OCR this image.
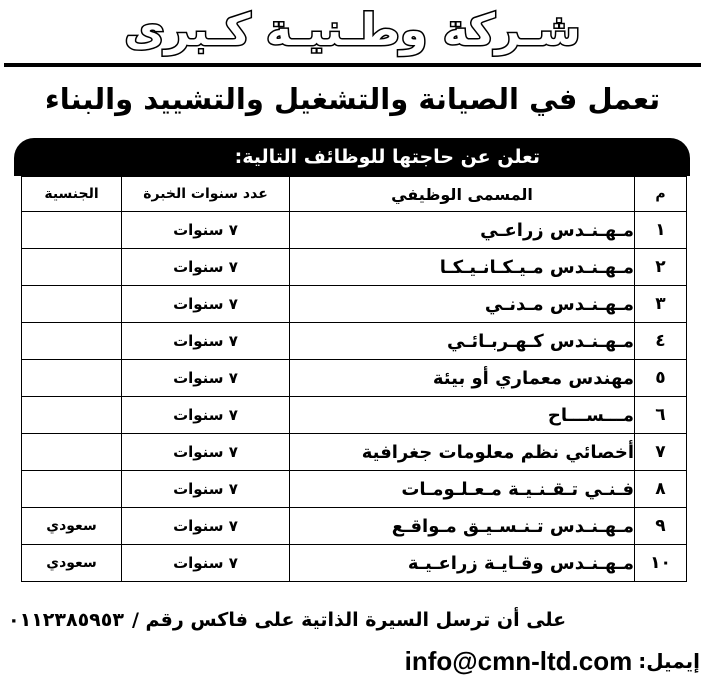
شـركة وطـنيـة كـبرى
تعمل في الصيانة والتشغيل والتشييد والبناء
تعلن عن حاجتها للوظائف التالية:
م	المسمى الوظيفي	عدد سنوات الخبرة	الجنسية
١	مـهـنـدس زراعـي	٧ سنوات	
٢	مـهـنـدس مـيـكـانـيـكـا	٧ سنوات	
٣	مـهـنـدس مـدنـي	٧ سنوات	
٤	مـهـنـدس كـهـربـائـي	٧ سنوات	
٥	مهندس معماري أو بيئة	٧ سنوات	
٦	مـــســـاح	٧ سنوات	
٧	أخصائي نظم معلومات جغرافية	٧ سنوات	
٨	فـنـي تـقـنـيـة مـعـلـومـات	٧ سنوات	
٩	مـهـنـدس تـنـسـيـق مـواقـع	٧ سنوات	سعودي
١٠	مـهـنـدس وقـايـة زراعـيـة	٧ سنوات	سعودي
على أن ترسل السيرة الذاتية على فاكس رقم /
٠١١٢٣٨٥٩٥٣
إيميل:
info@cmn-ltd.com
